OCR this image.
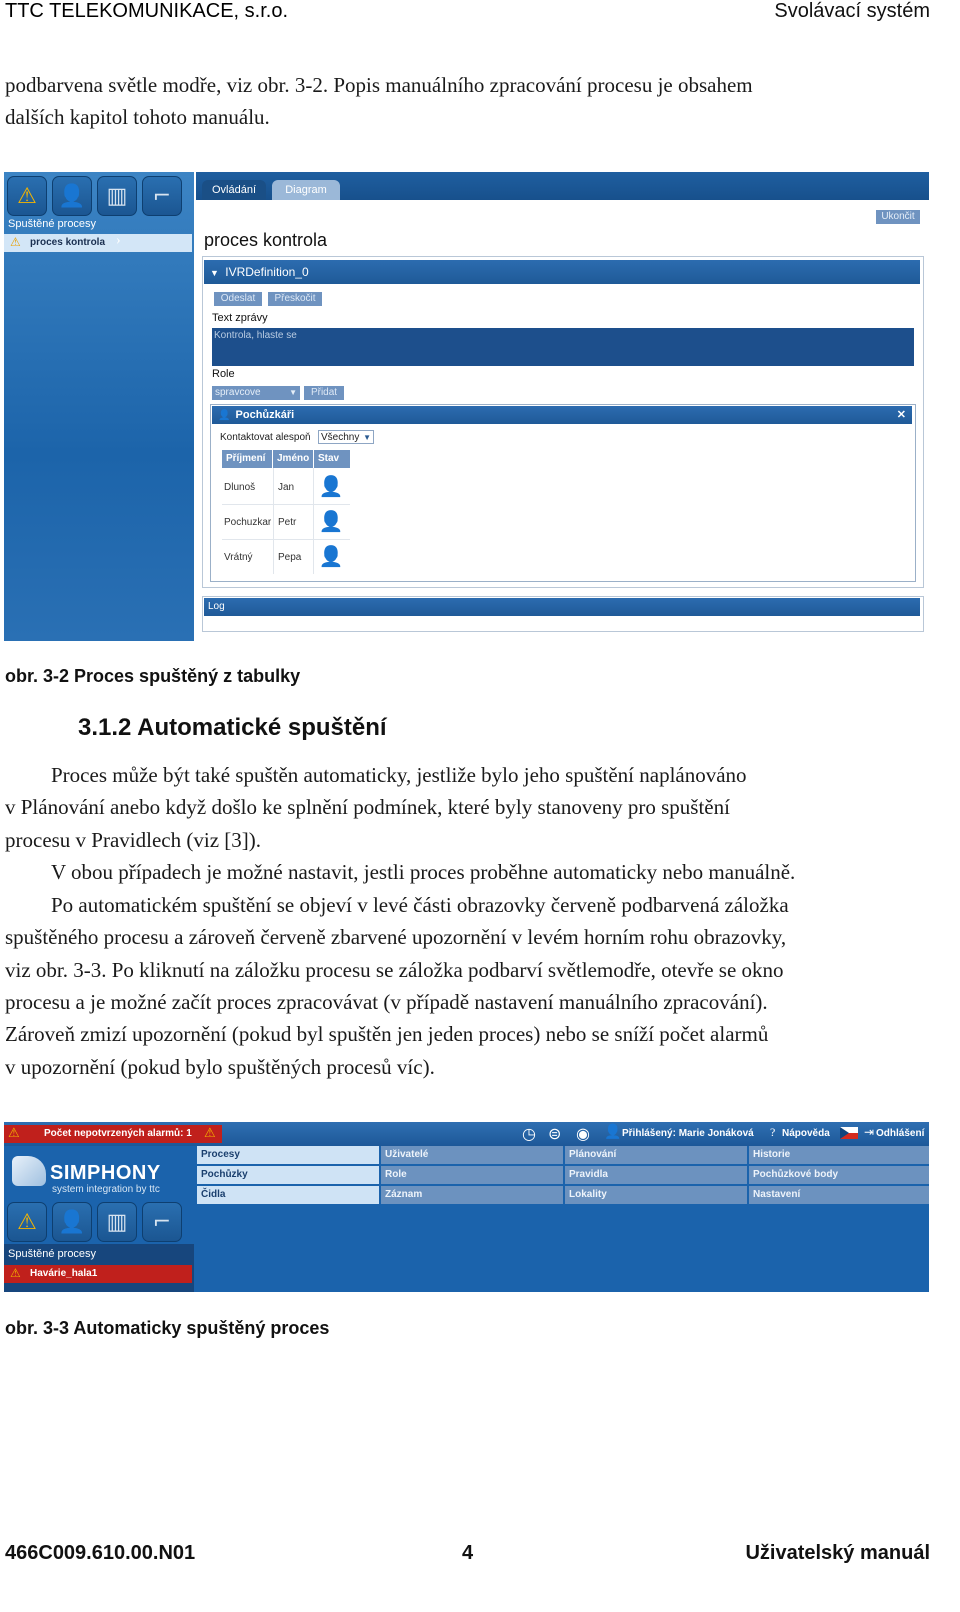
TTC TELEKOMUNIKACE, s.r.o.	Svolávací systém
podbarvena světle modře, viz obr. 3-2. Popis manuálního zpracování procesu je obsahem
dalších kapitol tohoto manuálu.
⚠ 👤 ▥	⌐
Spuštěné procesy
⚠ proces kontrola ›
Ovládání	Diagram
Ukončit
proces kontrola
▼ IVRDefinition_0
Odeslat	Přeskočit
Text zprávy
Kontrola, hlaste se
Role
spravcove	▼	Přidat
👤 Pochůzkáři	✕
Kontaktovat alespoň	Všechny ▼
Příjmení	Jméno Stav
Dlunoš Jan 👤
Pochuzkar Petr 👤
Vrátný	Pepa 👤
Log
obr. 3-2 Proces spuštěný z tabulky
3.1.2 Automatické spuštění
Proces může být také spuštěn automaticky, jestliže bylo jeho spuštění naplánováno
v Plánování anebo když došlo ke splnění podmínek, které byly stanoveny pro spuštění
procesu v Pravidlech (viz [3]).
V obou případech je možné nastavit, jestli proces proběhne automaticky nebo manuálně.
Po automatickém spuštění se objeví v levé části obrazovky červeně podbarvená záložka
spuštěného procesu a zároveň červeně zbarvené upozornění v levém horním rohu obrazovky,
viz obr. 3-3. Po kliknutí na záložku procesu se záložka podbarví světlemodře, otevře se okno
procesu a je možné začít proces zpracovávat (v případě nastavení manuálního zpracování).
Zároveň zmizí upozornění (pokud byl spuštěn jen jeden proces) nebo se sníží počet alarmů
v upozornění (pokud bylo spuštěných procesů víc).
⚠ Počet nepotvrzených alarmů: 1 ⚠	◷ ⊜ ◉ 👤 Přihlášený: Marie Jonáková ? Nápověda	⇥ Odhlášení
SIMPHONY
system integration by ttc
Procesy
Pochůzky
Čidla
Uživatelé
Role
Záznam
Plánování
Pravidla
Lokality
Historie
Pochůzkové body
Nastavení
⚠ 👤 ▥	⌐
Spuštěné procesy
⚠ Havárie_hala1
obr. 3-3 Automaticky spuštěný proces
466C009.610.00.N01	4	Uživatelský manuál
